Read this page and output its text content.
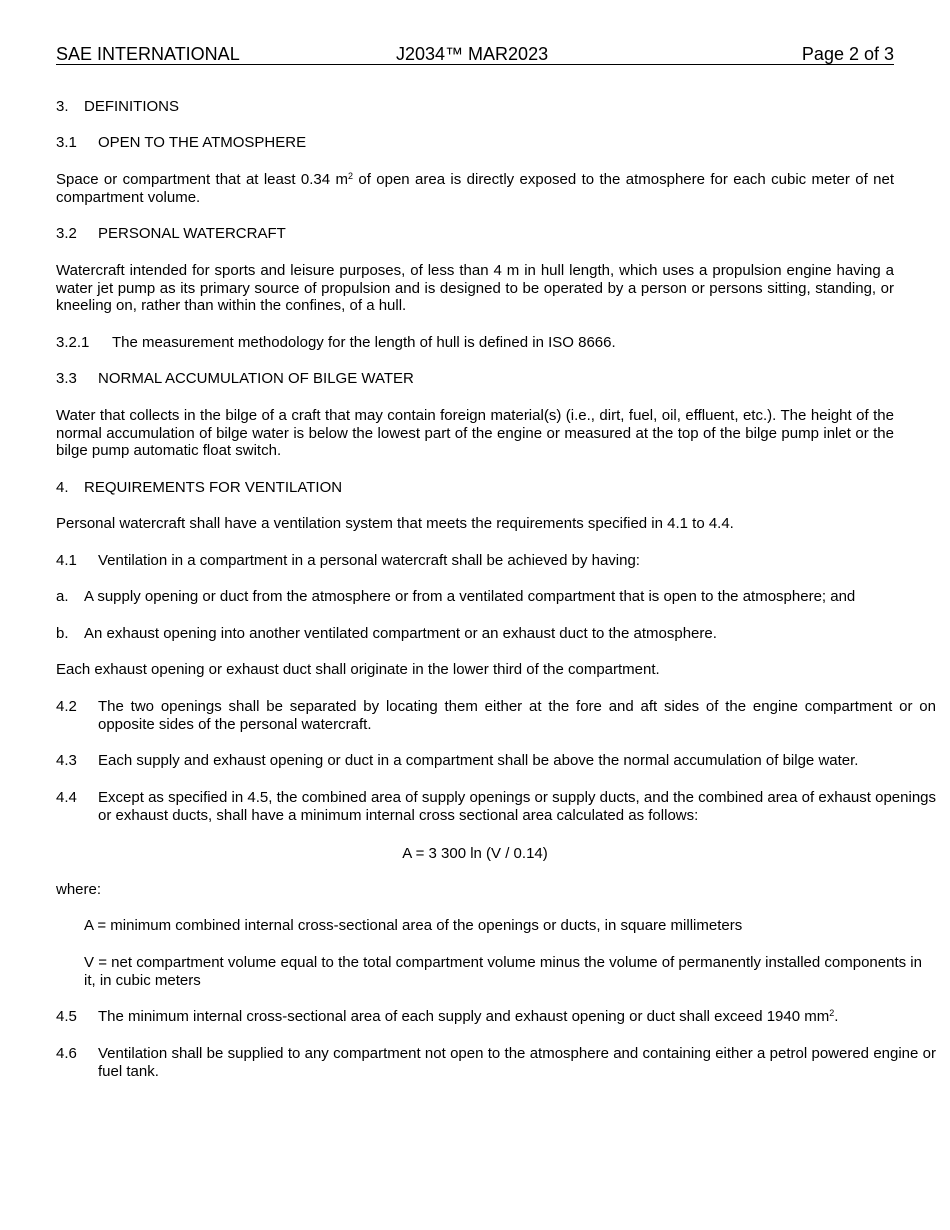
SAE INTERNATIONAL	J2034™ MAR2023	Page 2 of 3
3. DEFINITIONS
3.1 OPEN TO THE ATMOSPHERE
Space or compartment that at least 0.34 $m^2$ of open area is directly exposed to the atmosphere for each cubic meter of net compartment volume.
3.2 PERSONAL WATERCRAFT
Watercraft intended for sports and leisure purposes, of less than 4 m in hull length, which uses a propulsion engine having a water jet pump as its primary source of propulsion and is designed to be operated by a person or persons sitting, standing, or kneeling on, rather than within the confines, of a hull.
3.2.1 The measurement methodology for the length of hull is defined in ISO 8666.
3.3 NORMAL ACCUMULATION OF BILGE WATER
Water that collects in the bilge of a craft that may contain foreign material(s) (i.e., dirt, fuel, oil, effluent, etc.). The height of the normal accumulation of bilge water is below the lowest part of the engine or measured at the top of the bilge pump inlet or the bilge pump automatic float switch.
4. REQUIREMENTS FOR VENTILATION
Personal watercraft shall have a ventilation system that meets the requirements specified in 4.1 to 4.4.
4.1 Ventilation in a compartment in a personal watercraft shall be achieved by having:
a. A supply opening or duct from the atmosphere or from a ventilated compartment that is open to the atmosphere; and
b. An exhaust opening into another ventilated compartment or an exhaust duct to the atmosphere.
Each exhaust opening or exhaust duct shall originate in the lower third of the compartment.
4.2 The two openings shall be separated by locating them either at the fore and aft sides of the engine compartment or on opposite sides of the personal watercraft.
4.3 Each supply and exhaust opening or duct in a compartment shall be above the normal accumulation of bilge water.
4.4 Except as specified in 4.5, the combined area of supply openings or supply ducts, and the combined area of exhaust openings or exhaust ducts, shall have a minimum internal cross sectional area calculated as follows:
A = 3 300 ln (V / 0.14)
where:
A = minimum combined internal cross-sectional area of the openings or ducts, in square millimeters
V = net compartment volume equal to the total compartment volume minus the volume of permanently installed components in it, in cubic meters
4.5 The minimum internal cross-sectional area of each supply and exhaust opening or duct shall exceed 1940 $mm^2$.
4.6 Ventilation shall be supplied to any compartment not open to the atmosphere and containing either a petrol powered engine or fuel tank.
